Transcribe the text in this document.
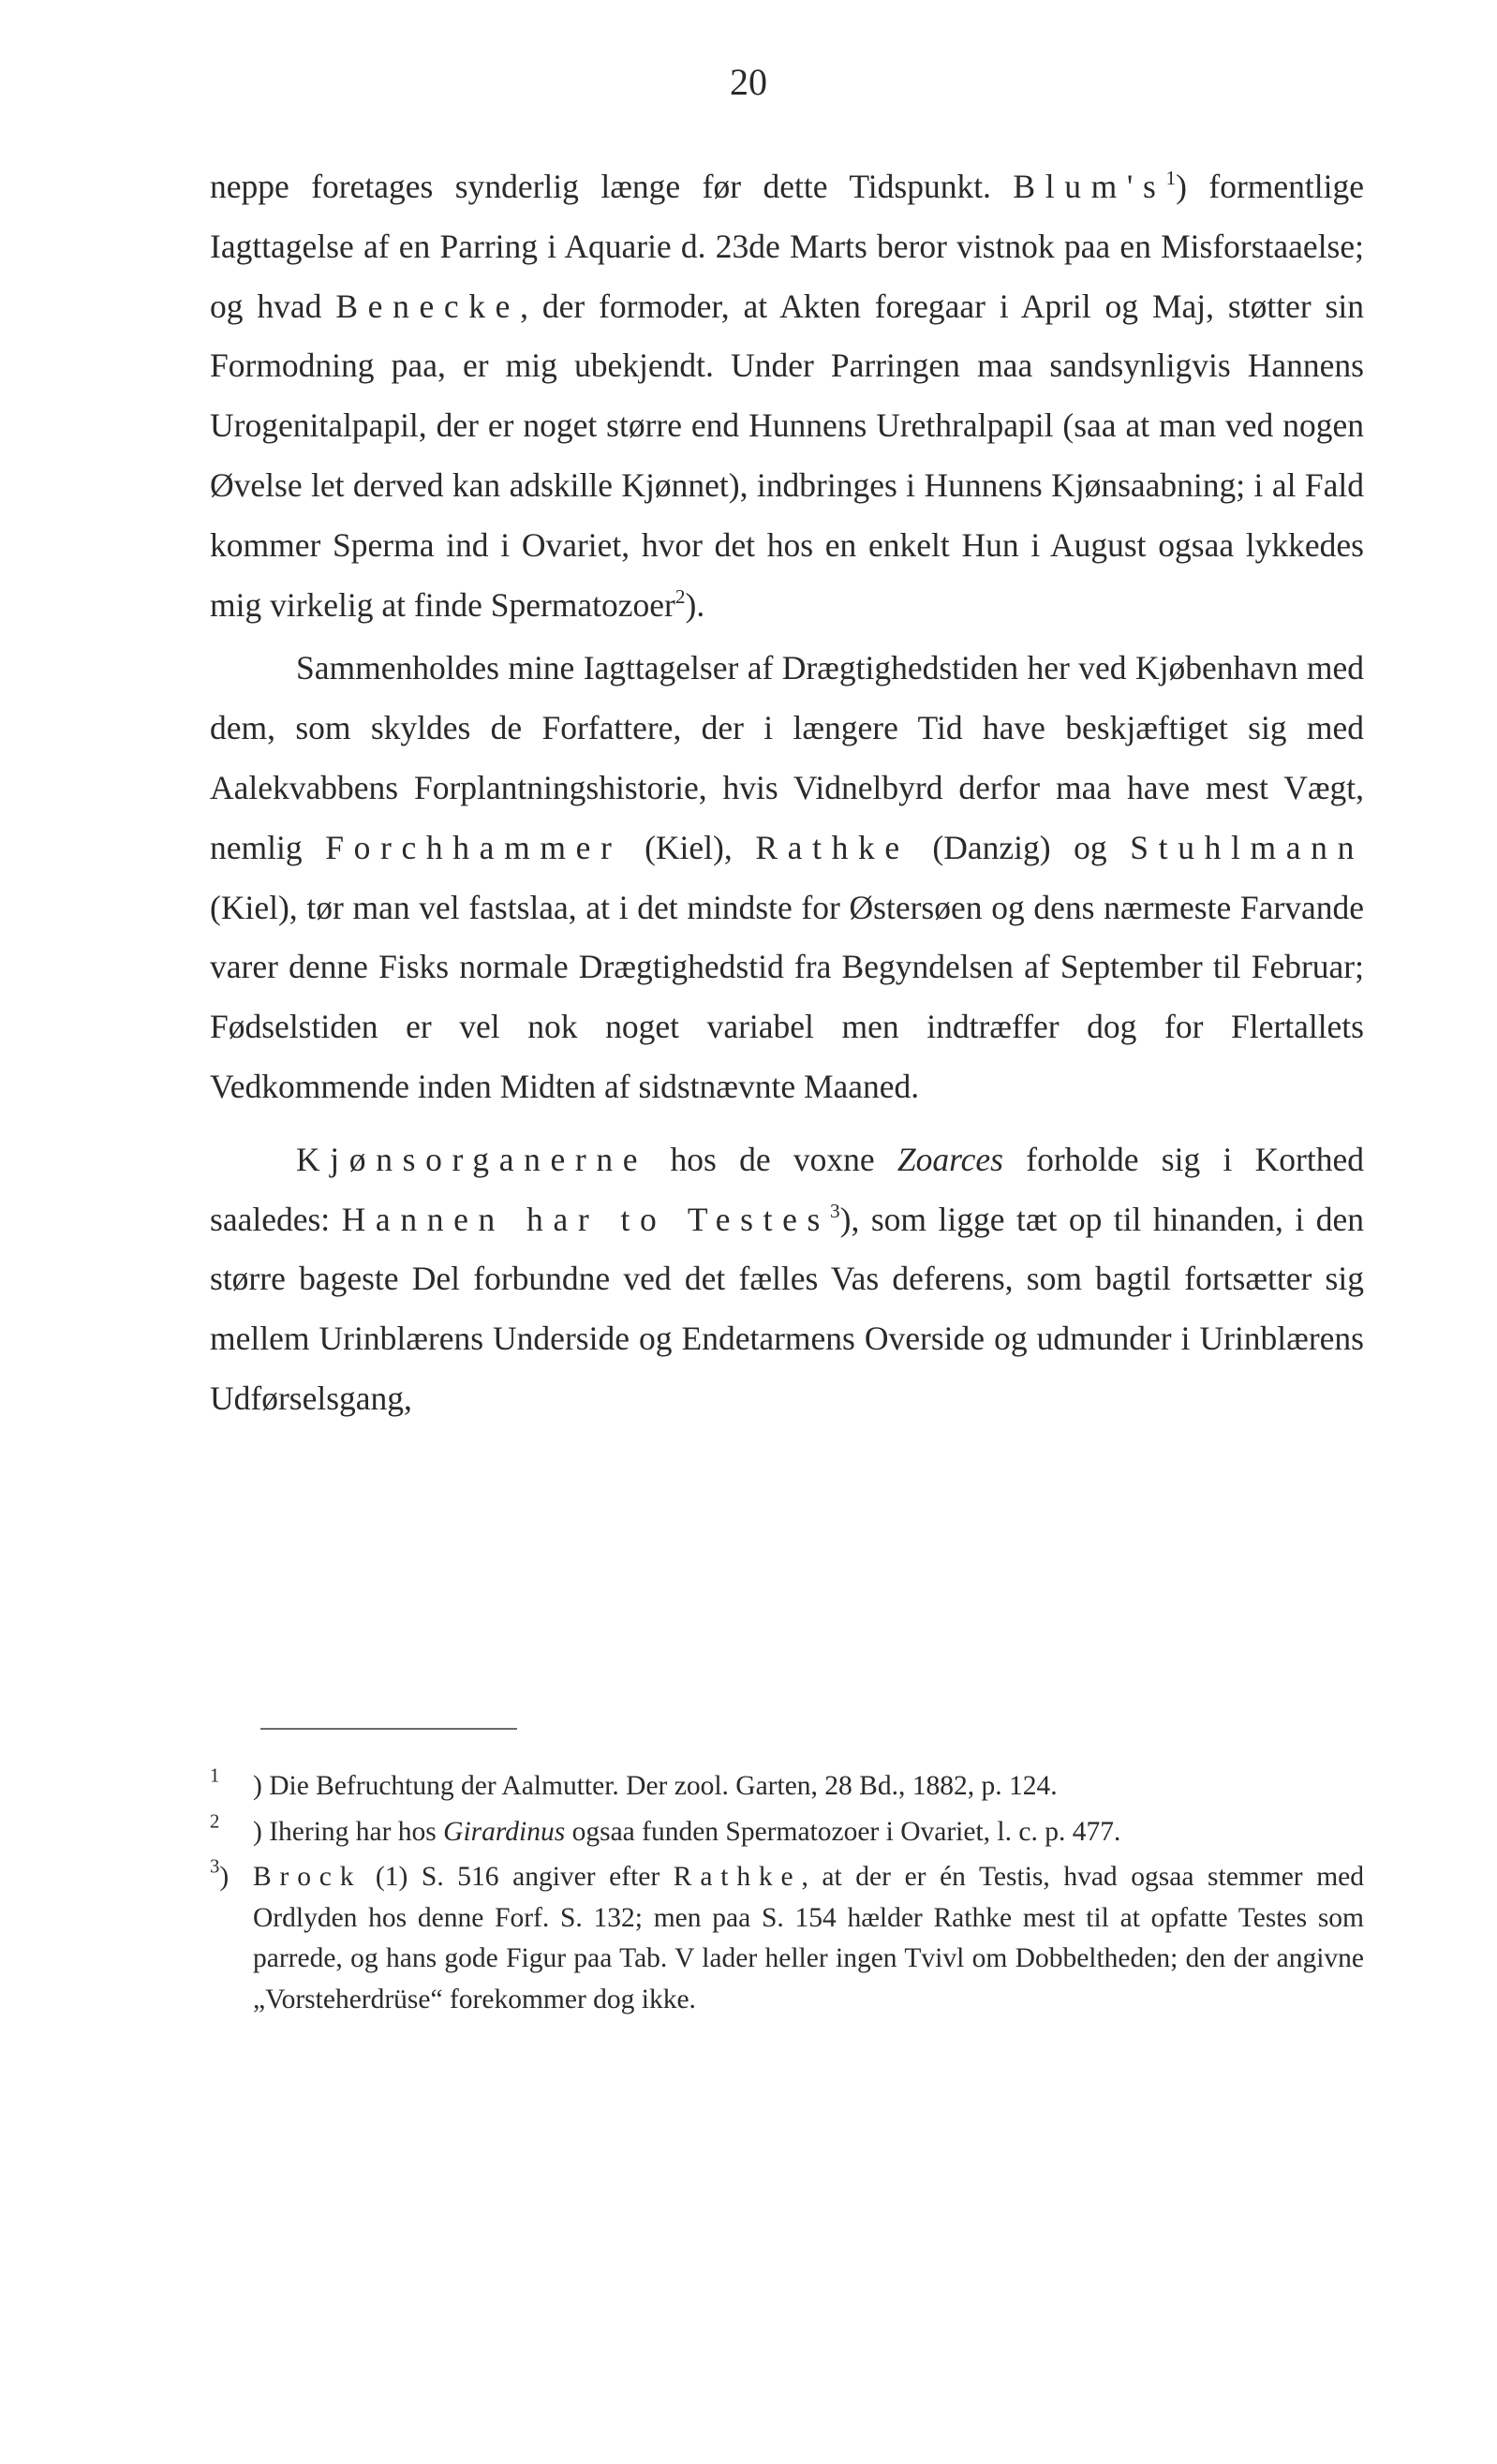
20

neppe foretages synderlig længe før dette Tidspunkt. $Blum's^1$) formentlige Iagttagelse af en Parring i Aquarie d. 23de Marts beror vistnok paa en Misforstaaelse; og hvad Benecke, der formoder, at Akten foregaar i April og Maj, støtter sin Formodning paa, er mig ubekjendt. Under Parringen maa sandsynligvis Hannens Urogenitalpapil, der er noget større end Hunnens Urethralpapil (saa at man ved nogen Øvelse let derved kan adskille Kjønnet), indbringes i Hunnens Kjønsaabning; i al Fald kommer Sperma ind i Ovariet, hvor det hos en enkelt Hun i August ogsaa lykkedes mig virkelig at finde Spermatozoer$^2$).

Sammenholdes mine Iagttagelser af Drægtighedstiden her ved Kjøbenhavn med dem, som skyldes de Forfattere, der i længere Tid have beskjæftiget sig med Aalekvabbens Forplantningshistorie, hvis Vidnelbyrd derfor maa have mest Vægt, nemlig Forchhammer (Kiel), Rathke (Danzig) og Stuhlmann (Kiel), tør man vel fastslaa, at i det mindste for Østersøen og dens nærmeste Farvande varer denne Fisks normale Drægtighedstid fra Begyndelsen af September til Februar; Fødselstiden er vel nok noget variabel men indtræffer dog for Flertallets Vedkommende inden Midten af sidstnævnte Maaned.

Kjønsorganerne hos de voxne Zoarces forholde sig i Korthed saaledes: Hannen har to Testes$^3$), som ligge tæt op til hinanden, i den større bageste Del forbundne ved det fælles Vas deferens, som bagtil fortsætter sig mellem Urinblærens Underside og Endetarmens Overside og udmunder i Urinblærens Udførselsgang,

$^1$ ) Die Befruchtung der Aalmutter. Der zool. Garten, 28 Bd., 1882, p. 124.

$^2$ ) Ihering har hos Girardinus ogsaa funden Spermatozoer i Ovariet, l. c. p. 477.

$^3$) Brock (1) S. 516 angiver efter Rathke, at der er én Testis, hvad ogsaa stemmer med Ordlyden hos denne Forf. S. 132; men paa S. 154 hælder Rathke mest til at opfatte Testes som parrede, og hans gode Figur paa Tab. V lader heller ingen Tvivl om Dobbeltheden; den der angivne „Vorsteherdrüse“ forekommer dog ikke.
